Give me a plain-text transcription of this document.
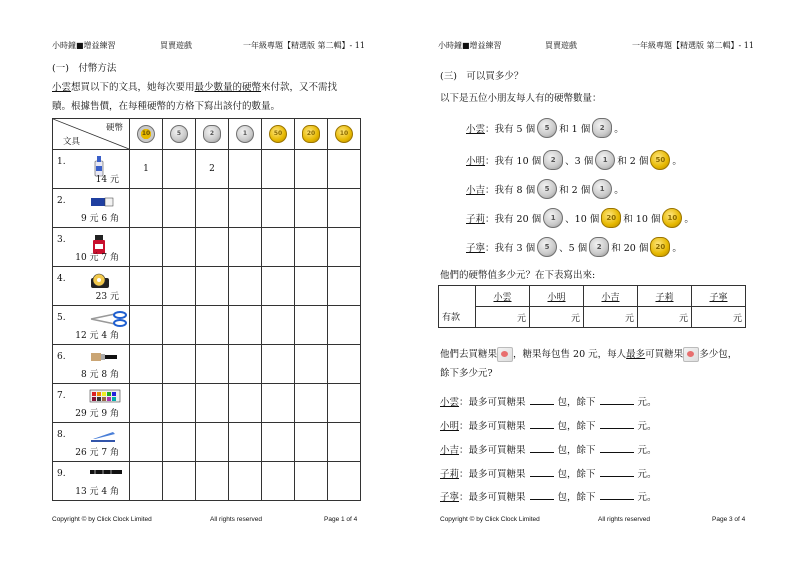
小時鐘■增益練習	買賣遊戲	一年級專題【精選版 第二輯】- 11
(一)　付幣方法
小雲想買以下的文具，她每次要用最少數量的硬幣來付款，又不需找
贖。根據售價，在每種硬幣的方格下寫出該付的數量。
硬幣
文具	10	5	2	1	50	20	10

1.
14 元	1		2				

2.
9 元 6 角							

3.
10 元 7 角							

4.
23 元							

5.
12 元 4 角							

6.
8 元 8 角							

7.
29 元 9 角							

8.
26 元 7 角							

9.
13 元 4 角							

Copyright © by Click Clock Limited	All rights reserved	Page 1 of 4
小時鐘■增益練習	買賣遊戲	一年級專題【精選版 第二輯】- 11
(三)　可以買多少？
以下是五位小朋友每人有的硬幣數量：
小雲 ：我有 5 個	5	和 1 個	2	。
小明 ：我有 10 個	2	、3 個	1	和 2 個	50 。
小吉 ：我有 8 個	5	和 2 個	1	。
子莉 ：我有 20 個	1	、10 個	20 和 10 個	10 。
子寧 ：我有 3 個	5	、5 個	2	和 20 個	20 。
他們的硬幣值多少元？在下表寫出來:
他們去買糖果 ，糖果每包售 20 元，每人最多可買糖果 多少包，
餘下多少元?
小雲：最多可買糖果	包，餘下	元。
小明：最多可買糖果	包，餘下	元。
小吉：最多可買糖果	包，餘下	元。
子莉：最多可買糖果	包，餘下	元。
子寧：最多可買糖果	包，餘下	元。
Copyright © by Click Clock Limited	All rights reserved	Page 3 of 4
	小雲	小明	小吉	子莉	子寧
有款	元	元	元	元	元
